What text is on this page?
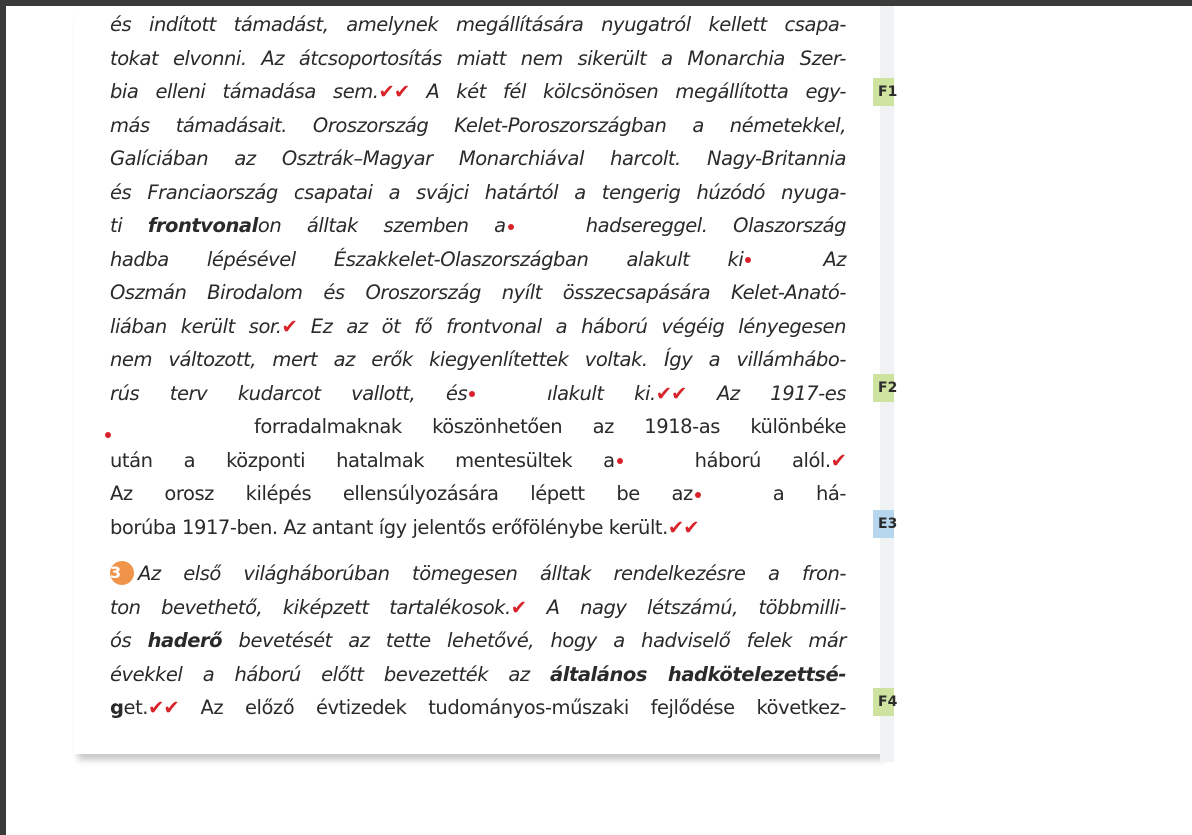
és indított támadást, amelynek megállítására nyugatról kellett csapa-
tokat elvonni. Az átcsoportosítás miatt nem sikerült a Monarchia Szer-
bia elleni támadása sem.✔✔ A két fél kölcsönösen megállította egy-
más támadásait. Oroszország Kelet-Poroszországban a németekkel,
Galíciában az Osztrák–Magyar Monarchiával harcolt. Nagy-Britannia
és Franciaország csapatai a svájci határtól a tengerig húzódó nyuga-
ti frontvonalon álltak szemben a	hadsereggel. Olaszország
hadba lépésével Északkelet-Olaszországban alakult ki	Az
Oszmán Birodalom és Oroszország nyílt összecsapására Kelet-Anató-
liában került sor.✔ Ez az öt fő frontvonal a háború végéig lényegesen
nem változott, mert az erők kiegyenlítettek voltak. Így a villámhábo-
rús terv kudarcot vallott, és	ılakult ki.✔✔ Az 1917-es
forradalmaknak köszönhetően az 1918-as különbéke
után a központi hatalmak mentesültek a	háború alól.✔
Az orosz kilépés ellensúlyozására lépett be az	a há-
borúba 1917-ben. Az antant így jelentős erőfölénybe került.✔✔
3 Az első világháborúban tömegesen álltak rendelkezésre a fron-
ton bevethető, kiképzett tartalékosok.✔ A nagy létszámú, többmilli-
ós haderő bevetését az tette lehetővé, hogy a hadviselő felek már
évekkel a háború előtt bevezették az általános hadkötelezettsé-
get.✔✔ Az előző évtizedek tudományos-műszaki fejlődése következ-
F1
F2
E3
F4
